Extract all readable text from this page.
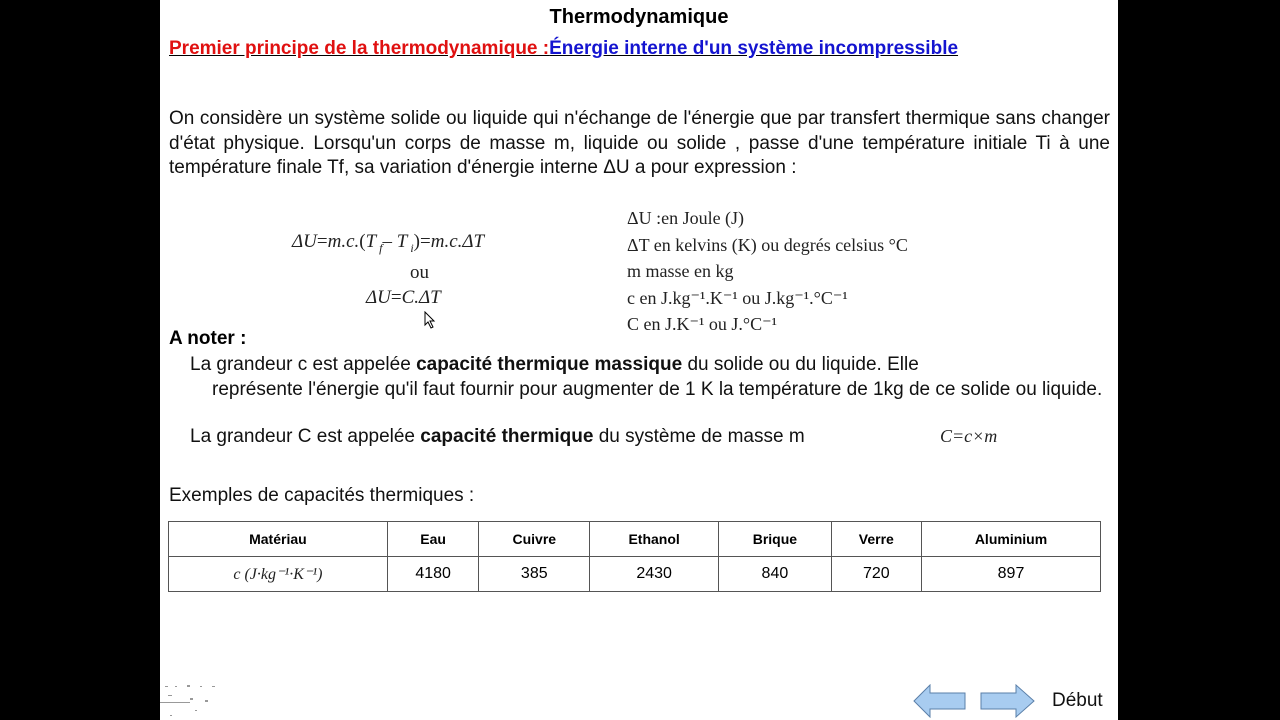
Thermodynamique
Premier principe de la thermodynamique :Énergie interne d'un système incompressible
On considère un système solide ou liquide qui n'échange de l'énergie que par transfert thermique sans changer d'état physique. Lorsqu'un corps de masse m, liquide ou solide , passe d'une température initiale Ti à une température finale Tf, sa variation d'énergie interne ΔU a pour expression :
ΔU=m.c.(T $_f$– T $_i$)=m.c.ΔT
ou
ΔU=C.ΔT
ΔU :en Joule (J)
ΔT en kelvins (K) ou degrés celsius °C
m masse en kg
c en J.kg⁻¹.K⁻¹ ou J.kg⁻¹.°C⁻¹
C en J.K⁻¹ ou J.°C⁻¹
A noter :
La grandeur c est appelée capacité thermique massique du solide ou du liquide. Elle
représente l'énergie qu'il faut fournir pour augmenter de 1 K la température de 1kg de ce solide ou liquide.
La grandeur C est appelée capacité thermique du système de masse m	C=c×m
Exemples de capacités thermiques :
Matériau	Eau	Cuivre	Ethanol	Brique	Verre	Aluminium
c (J·kg⁻¹·K⁻¹)	4180	385	2430	840	720	897
Début
